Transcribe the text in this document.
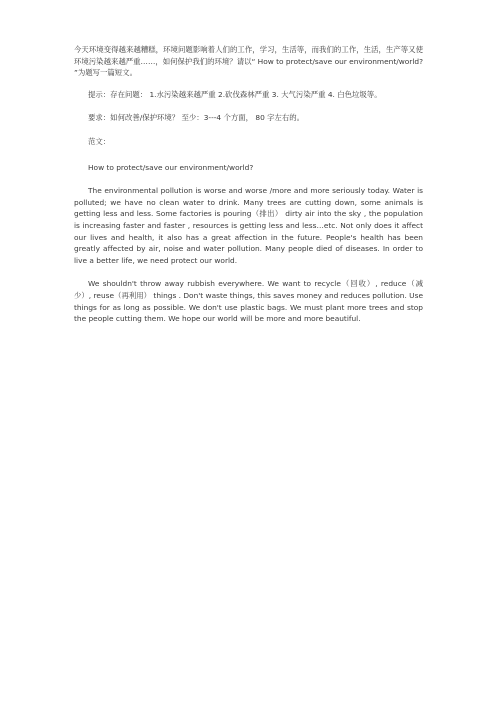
今天环境变得越来越糟糕，环境问题影响着人们的工作，学习，生活等，而我们的工作，生活，生产等又使环境污染越来越严重……，如何保护我们的环境？请以“ How to protect/save our environment/world? ”为题写一篇短文。

提示：存在问题： 1.水污染越来越严重 2.砍伐森林严重 3. 大气污染严重 4. 白色垃圾等。

要求：如何改善/保护环境？ 至少：3---4 个方面， 80 字左右的。

范文：

How to protect/save our environment/world?

The environmental pollution is worse and worse /more and more seriously today. Water is polluted; we have no clean water to drink. Many trees are cutting down, some animals is getting less and less. Some factories is pouring（排出） dirty air into the sky , the population is increasing faster and faster , resources is getting less and less…etc. Not only does it affect our lives and health, it also has a great affection in the future. People's health has been greatly affected by air, noise and water pollution. Many people died of diseases. In order to live a better life, we need protect our world.

We shouldn't throw away rubbish everywhere. We want to recycle（回收）, reduce（减少）, reuse（再利用） things . Don't waste things, this saves money and reduces pollution. Use things for as long as possible. We don't use plastic bags. We must plant more trees and stop the people cutting them. We hope our world will be more and more beautiful.
